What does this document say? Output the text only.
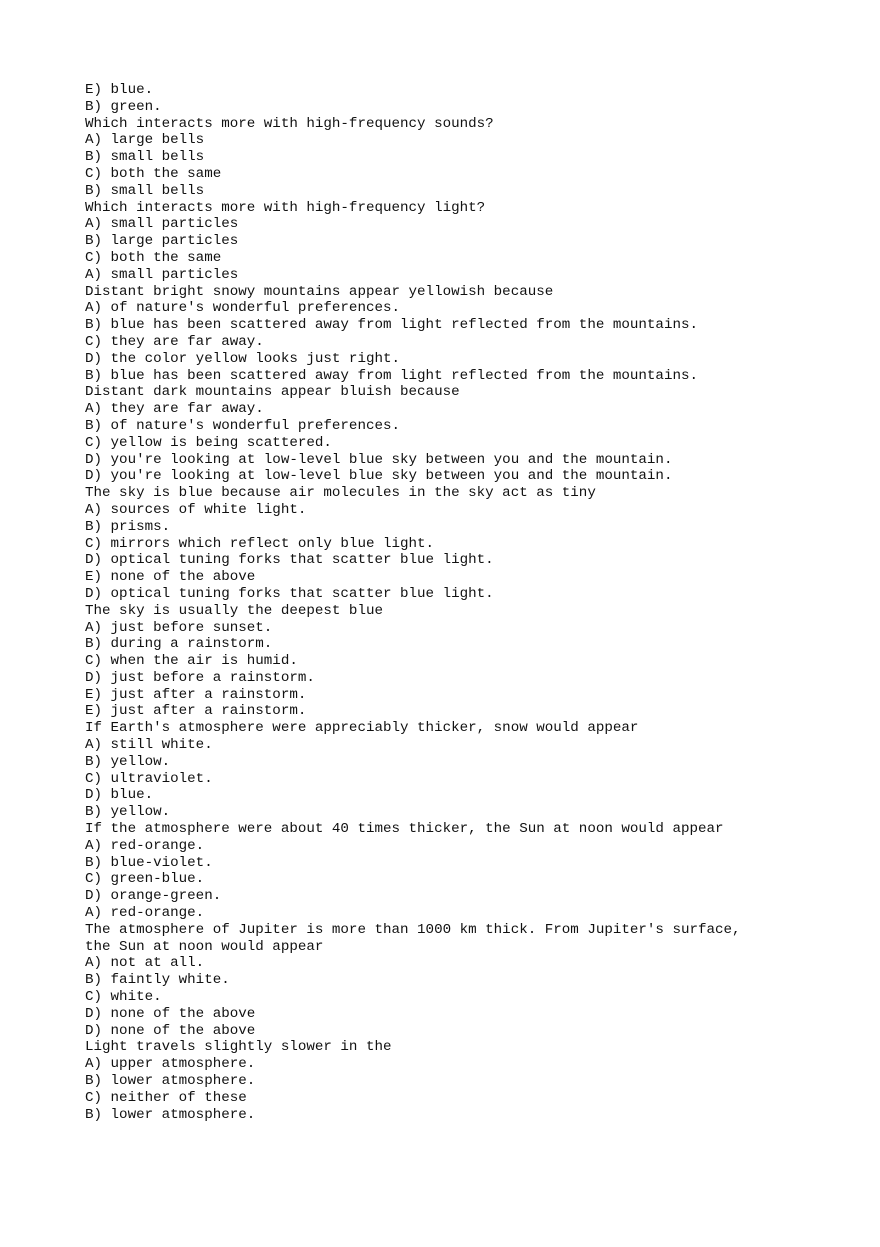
E) blue.

B) green.

Which interacts more with high-frequency sounds?

A) large bells

B) small bells

C) both the same

B) small bells

Which interacts more with high-frequency light?

A) small particles

B) large particles

C) both the same

A) small particles

Distant bright snowy mountains appear yellowish because

A) of nature's wonderful preferences.

B) blue has been scattered away from light reflected from the mountains.

C) they are far away.

D) the color yellow looks just right.

B) blue has been scattered away from light reflected from the mountains.

Distant dark mountains appear bluish because

A) they are far away.

B) of nature's wonderful preferences.

C) yellow is being scattered.

D) you're looking at low-level blue sky between you and the mountain.

D) you're looking at low-level blue sky between you and the mountain.

The sky is blue because air molecules in the sky act as tiny

A) sources of white light.

B) prisms.

C) mirrors which reflect only blue light.

D) optical tuning forks that scatter blue light.

E) none of the above

D) optical tuning forks that scatter blue light.

The sky is usually the deepest blue

A) just before sunset.

B) during a rainstorm.

C) when the air is humid.

D) just before a rainstorm.

E) just after a rainstorm.

E) just after a rainstorm.

If Earth's atmosphere were appreciably thicker, snow would appear

A) still white.

B) yellow.

C) ultraviolet.

D) blue.

B) yellow.

If the atmosphere were about 40 times thicker, the Sun at noon would appear

A) red-orange.

B) blue-violet.

C) green-blue.

D) orange-green.

A) red-orange.

The atmosphere of Jupiter is more than 1000 km thick. From Jupiter's surface,

the Sun at noon would appear

A) not at all.

B) faintly white.

C) white.

D) none of the above

D) none of the above

Light travels slightly slower in the

A) upper atmosphere.

B) lower atmosphere.

C) neither of these

B) lower atmosphere.
